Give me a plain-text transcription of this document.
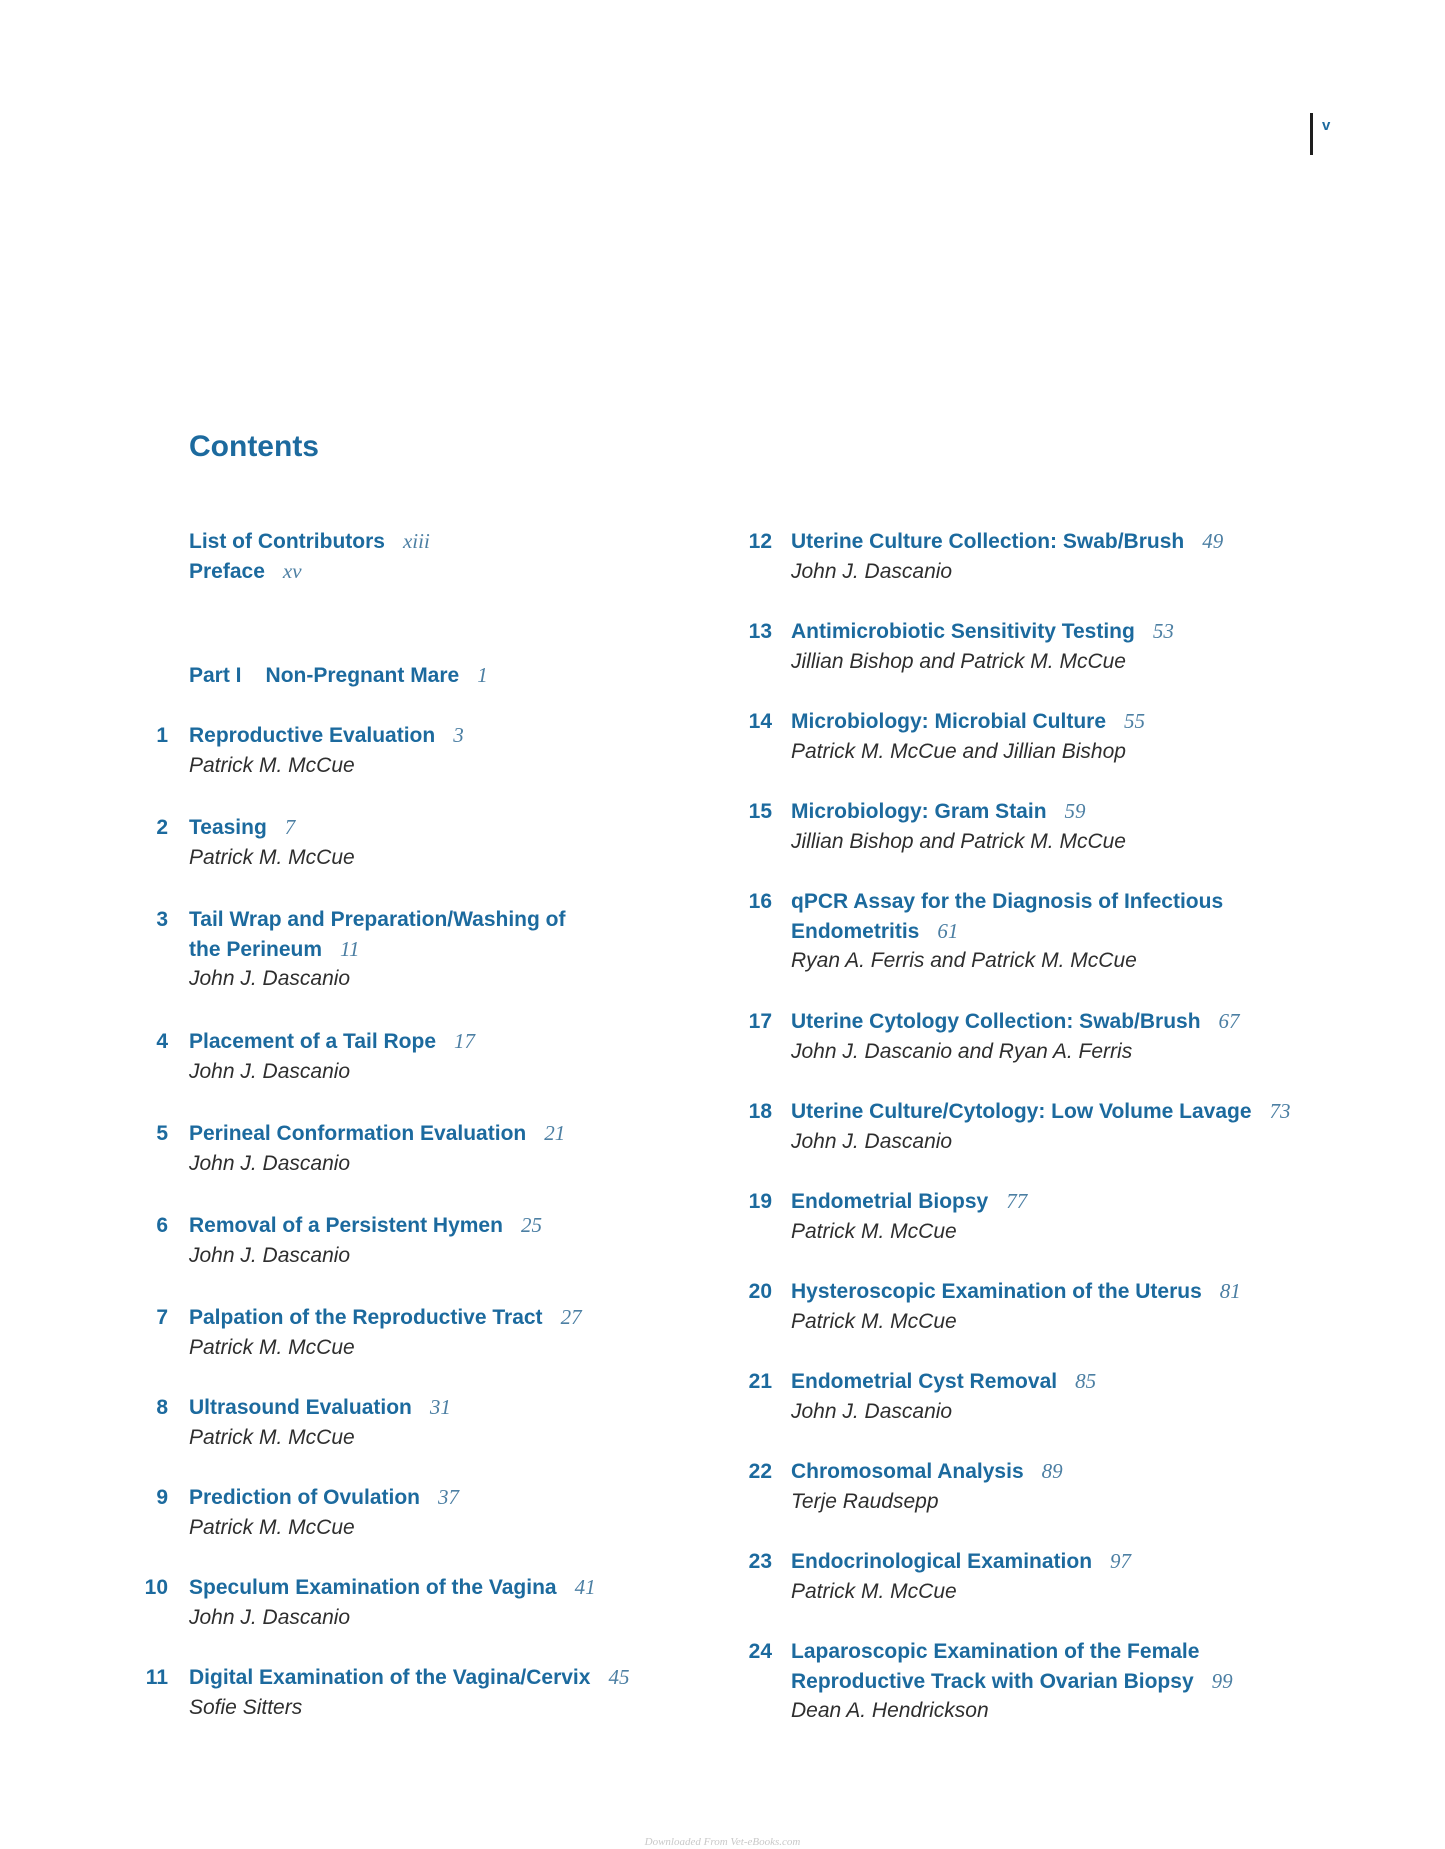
v
Contents
List of Contributors xiii
Preface xv
Part I Non-Pregnant Mare 1
1 Reproductive Evaluation 3
Patrick M. McCue
2 Teasing 7
Patrick M. McCue
3 Tail Wrap and Preparation/Washing of
the Perineum 11
John J. Dascanio
4 Placement of a Tail Rope 17
John J. Dascanio
5 Perineal Conformation Evaluation 21
John J. Dascanio
6 Removal of a Persistent Hymen 25
John J. Dascanio
7 Palpation of the Reproductive Tract 27
Patrick M. McCue
8 Ultrasound Evaluation 31
Patrick M. McCue
9 Prediction of Ovulation 37
Patrick M. McCue
10 Speculum Examination of the Vagina 41
John J. Dascanio
11 Digital Examination of the Vagina/Cervix 45
Sofie Sitters
12 Uterine Culture Collection: Swab/Brush 49
John J. Dascanio
13 Antimicrobiotic Sensitivity Testing 53
Jillian Bishop and Patrick M. McCue
14 Microbiology: Microbial Culture 55
Patrick M. McCue and Jillian Bishop
15 Microbiology: Gram Stain 59
Jillian Bishop and Patrick M. McCue
16 qPCR Assay for the Diagnosis of Infectious
Endometritis 61
Ryan A. Ferris and Patrick M. McCue
17 Uterine Cytology Collection: Swab/Brush 67
John J. Dascanio and Ryan A. Ferris
18 Uterine Culture/Cytology: Low Volume Lavage 73
John J. Dascanio
19 Endometrial Biopsy 77
Patrick M. McCue
20 Hysteroscopic Examination of the Uterus 81
Patrick M. McCue
21 Endometrial Cyst Removal 85
John J. Dascanio
22 Chromosomal Analysis 89
Terje Raudsepp
23 Endocrinological Examination 97
Patrick M. McCue
24 Laparoscopic Examination of the Female
Reproductive Track with Ovarian Biopsy 99
Dean A. Hendrickson
Downloaded From Vet-eBooks.com
